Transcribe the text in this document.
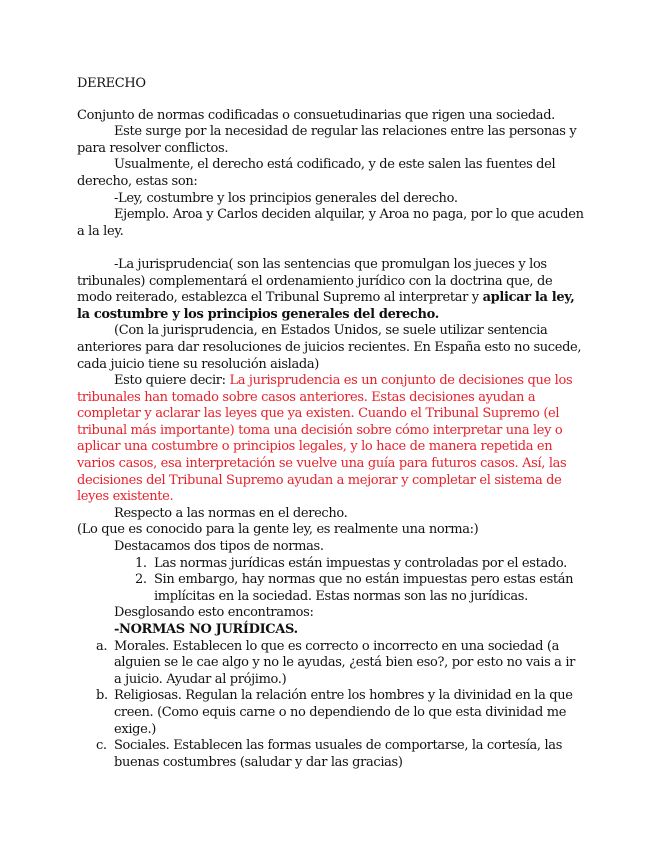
DERECHO

Conjunto de normas codificadas o consuetudinarias que rigen una sociedad.

Este surge por la necesidad de regular las relaciones entre las personas y para resolver conflictos.

Usualmente, el derecho está codificado, y de este salen las fuentes del derecho, estas son:

-Ley, costumbre y los principios generales del derecho.

Ejemplo. Aroa y Carlos deciden alquilar, y Aroa no paga, por lo que acuden a la ley.

-La jurisprudencia( son las sentencias que promulgan los jueces y los tribunales) complementará el ordenamiento jurídico con la doctrina que, de modo reiterado, establezca el Tribunal Supremo al interpretar y aplicar la ley, la costumbre y los principios generales del derecho.

(Con la jurisprudencia, en Estados Unidos, se suele utilizar sentencia anteriores para dar resoluciones de juicios recientes. En España esto no sucede, cada juicio tiene su resolución aislada)

Esto quiere decir: La jurisprudencia es un conjunto de decisiones que los tribunales han tomado sobre casos anteriores. Estas decisiones ayudan a completar y aclarar las leyes que ya existen. Cuando el Tribunal Supremo (el tribunal más importante) toma una decisión sobre cómo interpretar una ley o aplicar una costumbre o principios legales, y lo hace de manera repetida en varios casos, esa interpretación se vuelve una guía para futuros casos. Así, las decisiones del Tribunal Supremo ayudan a mejorar y completar el sistema de leyes existente.

Respecto a las normas en el derecho.

(Lo que es conocido para la gente ley, es realmente una norma:)

Destacamos dos tipos de normas.

1. Las normas jurídicas están impuestas y controladas por el estado.
2. Sin embargo, hay normas que no están impuestas pero estas están implícitas en la sociedad. Estas normas son las no jurídicas.

Desglosando esto encontramos:

-NORMAS NO JURÍDICAS.

a. Morales. Establecen lo que es correcto o incorrecto en una sociedad (a alguien se le cae algo y no le ayudas, ¿está bien eso?, por esto no vais a ir a juicio. Ayudar al prójimo.)
b. Religiosas. Regulan la relación entre los hombres y la divinidad en la que creen. (Como equis carne o no dependiendo de lo que esta divinidad me exige.)
c. Sociales. Establecen las formas usuales de comportarse, la cortesía, las buenas costumbres (saludar y dar las gracias)
